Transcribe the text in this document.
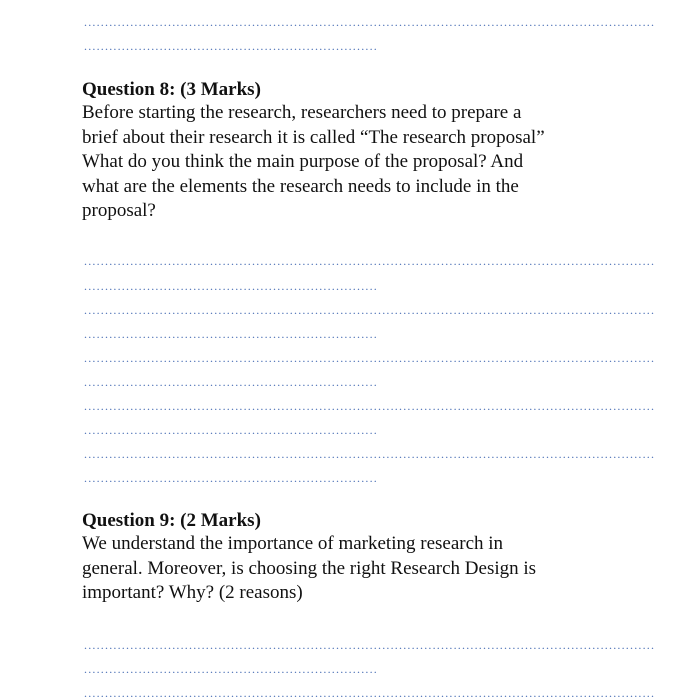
........................................................................................................................................
......................................................................
Question 8: (3 Marks)
Before starting the research, researchers need to prepare a
brief about their research it is called “The research proposal”
What do you think the main purpose of the proposal? And
what are the elements the research needs to include in the
proposal?
........................................................................................................................................
......................................................................
........................................................................................................................................
......................................................................
........................................................................................................................................
......................................................................
........................................................................................................................................
......................................................................
........................................................................................................................................
......................................................................
Question 9: (2 Marks)
We understand the importance of marketing research in
general. Moreover, is choosing the right Research Design is
important? Why? (2 reasons)
........................................................................................................................................
......................................................................
........................................................................................................................................
